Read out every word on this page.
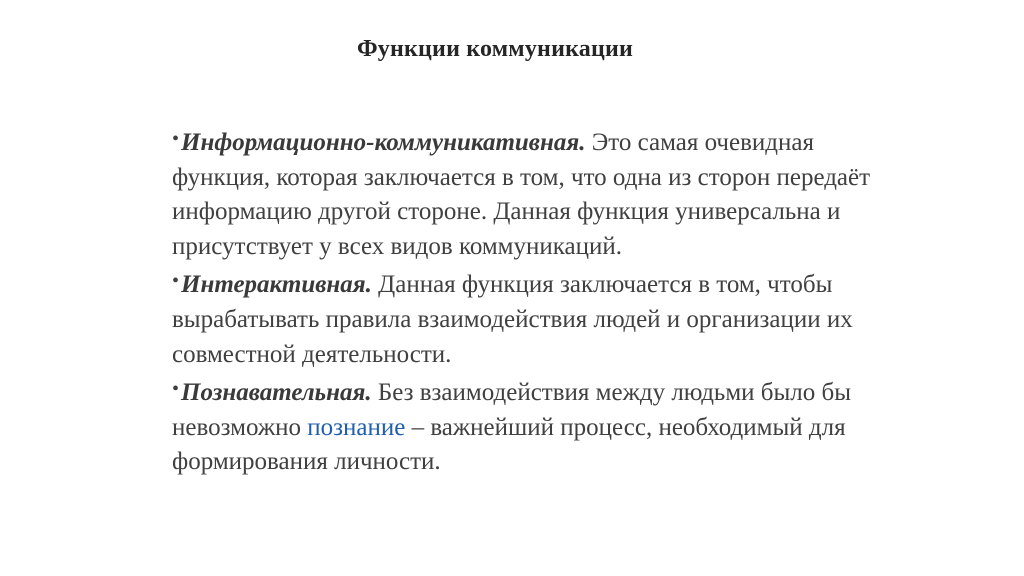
Функции коммуникации

•Информационно-коммуникативная. Это самая очевидная функция, которая заключается в том, что одна из сторон передаёт информацию другой стороне. Данная функция универсальна и присутствует у всех видов коммуникаций.

•Интерактивная. Данная функция заключается в том, чтобы вырабатывать правила взаимодействия людей и организации их совместной деятельности.

•Познавательная. Без взаимодействия между людьми было бы невозможно познание – важнейший процесс, необходимый для формирования личности.
